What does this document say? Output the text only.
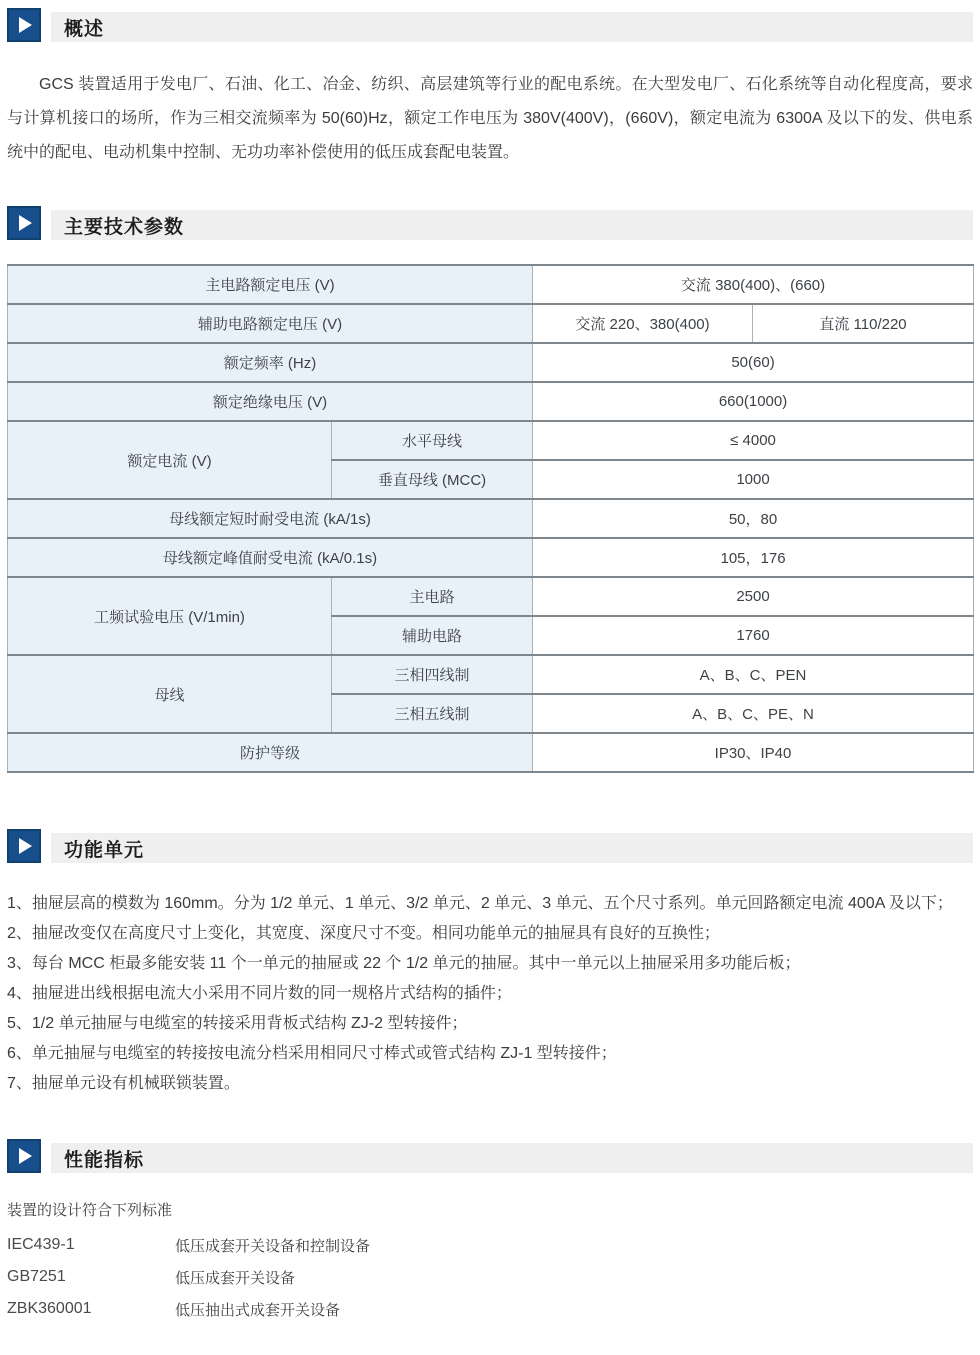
概述

GCS 装置适用于发电厂、石油、化工、冶金、纺织、高层建筑等行业的配电系统。在大型发电厂、石化系统等自动化程度高，要求与计算机接口的场所，作为三相交流频率为 50(60)Hz，额定工作电压为 380V(400V)，(660V)，额定电流为 6300A 及以下的发、供电系统中的配电、电动机集中控制、无功功率补偿使用的低压成套配电装置。

主要技术参数
主电路额定电压 (V)		交流 380(400)、(660)	
辅助电路额定电压 (V)		交流 220、380(400)	直流 110/220
额定频率 (Hz)		50(60)	
额定绝缘电压 (V)		660(1000)	
额定电流 (V)	水平母线	≤ 4000	
	垂直母线 (MCC)	1000	
母线额定短时耐受电流 (kA/1s)		50，80	
母线额定峰值耐受电流 (kA/0.1s)		105，176	
工频试验电压 (V/1min)	主电路	2500	
	辅助电路	1760	
母线	三相四线制	A、B、C、PEN	
	三相五线制	A、B、C、PE、N	
防护等级		IP30、IP40	
功能单元
1、抽屉层高的模数为 160mm。分为 1/2 单元、1 单元、3/2 单元、2 单元、3 单元、五个尺寸系列。单元回路额定电流 400A 及以下；
2、抽屉改变仅在高度尺寸上变化，其宽度、深度尺寸不变。相同功能单元的抽屉具有良好的互换性；
3、每台 MCC 柜最多能安装 11 个一单元的抽屉或 22 个 1/2 单元的抽屉。其中一单元以上抽屉采用多功能后板；
4、抽屉进出线根据电流大小采用不同片数的同一规格片式结构的插件；
5、1/2 单元抽屉与电缆室的转接采用背板式结构 ZJ-2 型转接件；
6、单元抽屉与电缆室的转接按电流分档采用相同尺寸棒式或管式结构 ZJ-1 型转接件；
7、抽屉单元设有机械联锁装置。
性能指标
装置的设计符合下列标准
IEC439-1	低压成套开关设备和控制设备
GB7251	低压成套开关设备
ZBK360001	低压抽出式成套开关设备
